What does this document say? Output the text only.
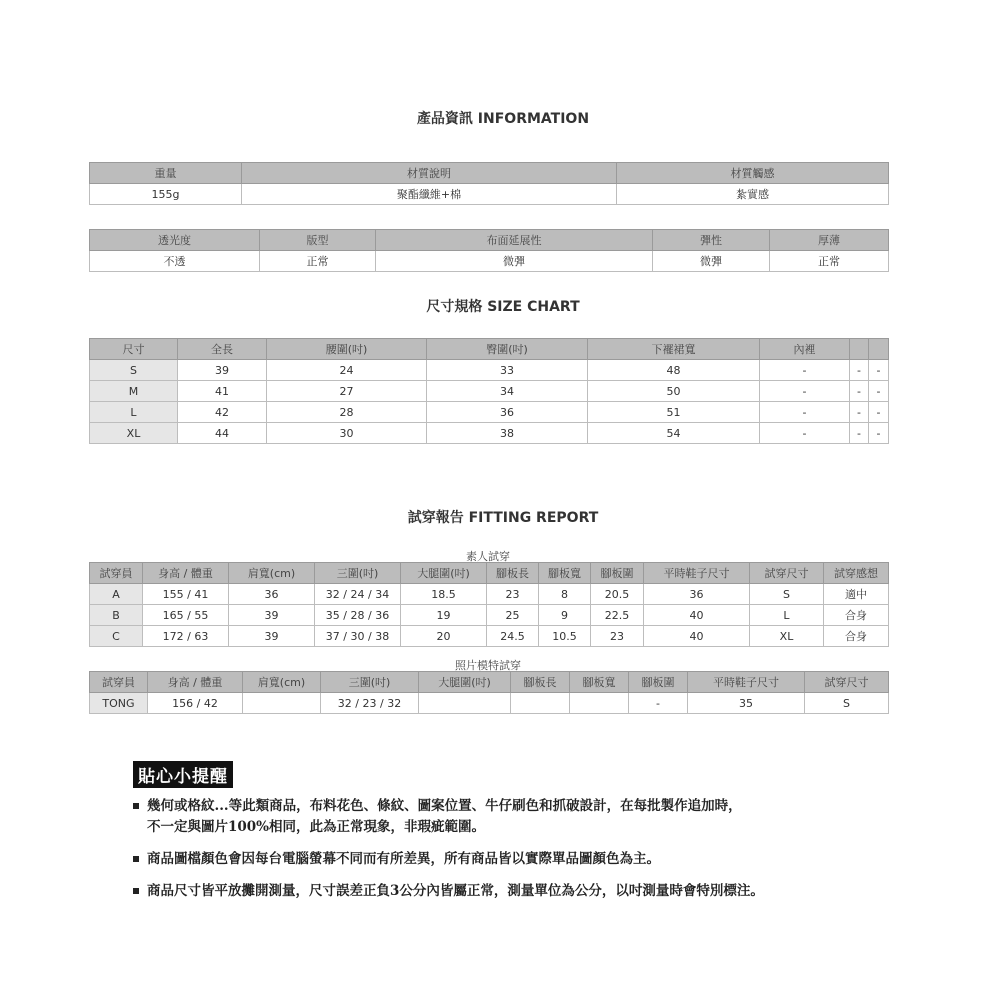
產品資訊 INFORMATION
重量	材質說明	材質觸感
155g	聚酯纖維+棉	紮實感
透光度	版型	布面延展性	彈性	厚薄
不透	正常	微彈	微彈	正常
尺寸規格 SIZE CHART
尺寸	全長	腰圍(吋)	臀圍(吋)	下襬裙寬	內裡		
S	39	24	33	48	-	-	-
M	41	27	34	50	-	-	-
L	42	28	36	51	-	-	-
XL	44	30	38	54	-	-	-
試穿報告 FITTING REPORT
素人試穿
試穿員	身高 / 體重	肩寬(cm)	三圍(吋)	大腿圍(吋)	腳板長	腳板寬	腳板圍	平時鞋子尺寸	試穿尺寸	試穿感想
A	155 / 41	36	32 / 24 / 34	18.5	23	8	20.5	36	S	適中
B	165 / 55	39	35 / 28 / 36	19	25	9	22.5	40	L	合身
C	172 / 63	39	37 / 30 / 38	20	24.5	10.5	23	40	XL	合身
照片模特試穿
試穿員	身高 / 體重	肩寬(cm)	三圍(吋)	大腿圍(吋)	腳板長	腳板寬	腳板圍	平時鞋子尺寸	試穿尺寸
TONG	156 / 42		32 / 23 / 32				-	35	S
貼心小提醒
幾何或格紋...等此類商品，布料花色、條紋、圖案位置、牛仔刷色和抓破設計，在每批製作追加時，
不一定與圖片100%相同，此為正常現象，非瑕疵範圍。
商品圖檔顏色會因每台電腦螢幕不同而有所差異，所有商品皆以實際單品圖顏色為主。
商品尺寸皆平放攤開測量，尺寸誤差正負3公分內皆屬正常，測量單位為公分，以吋測量時會特別標注。
